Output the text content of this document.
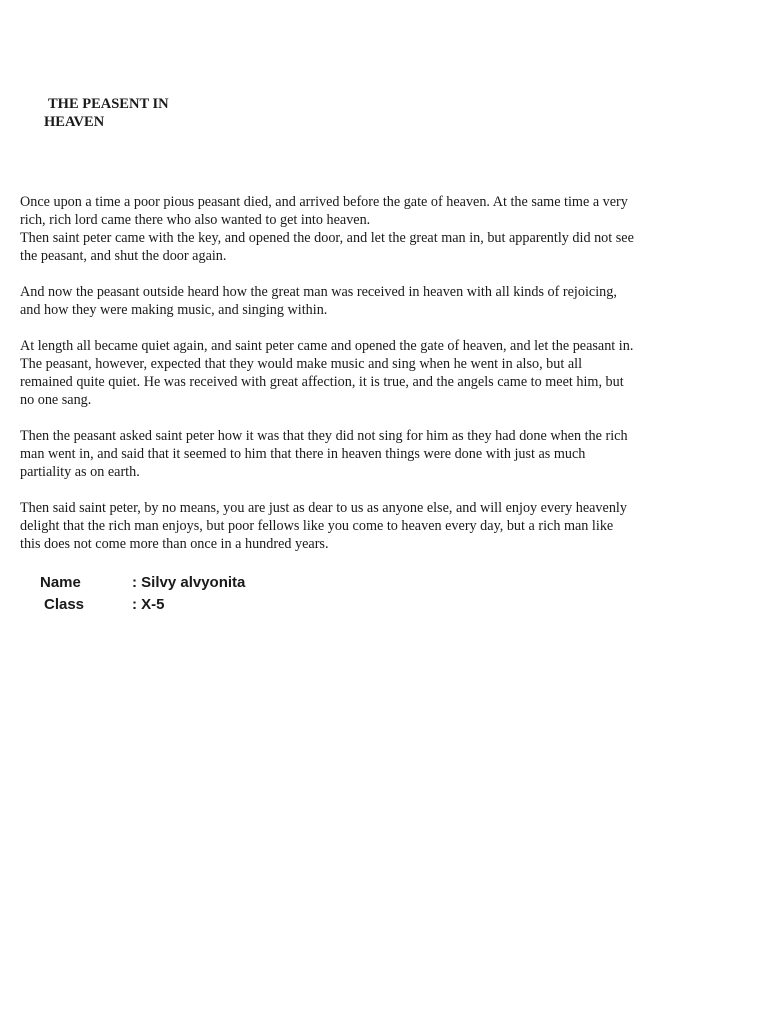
THE PEASENT IN
HEAVEN

Once upon a time a poor pious peasant died, and arrived before the gate of heaven. At the same time a very
rich, rich lord came there who also wanted to get into heaven.
Then saint peter came with the key, and opened the door, and let the great man in, but apparently did not see
the peasant, and shut the door again.

And now the peasant outside heard how the great man was received in heaven with all kinds of rejoicing,
and how they were making music, and singing within.

At length all became quiet again, and saint peter came and opened the gate of heaven, and let the peasant in.
The peasant, however, expected that they would make music and sing when he went in also, but all
remained quite quiet. He was received with great affection, it is true, and the angels came to meet him, but
no one sang.

Then the peasant asked saint peter how it was that they did not sing for him as they had done when the rich
man went in, and said that it seemed to him that there in heaven things were done with just as much
partiality as on earth.

Then said saint peter, by no means, you are just as dear to us as anyone else, and will enjoy every heavenly
delight that the rich man enjoys, but poor fellows like you come to heaven every day, but a rich man like
this does not come more than once in a hundred years.

Name	: Silvy alvyonita
Class	: X-5
